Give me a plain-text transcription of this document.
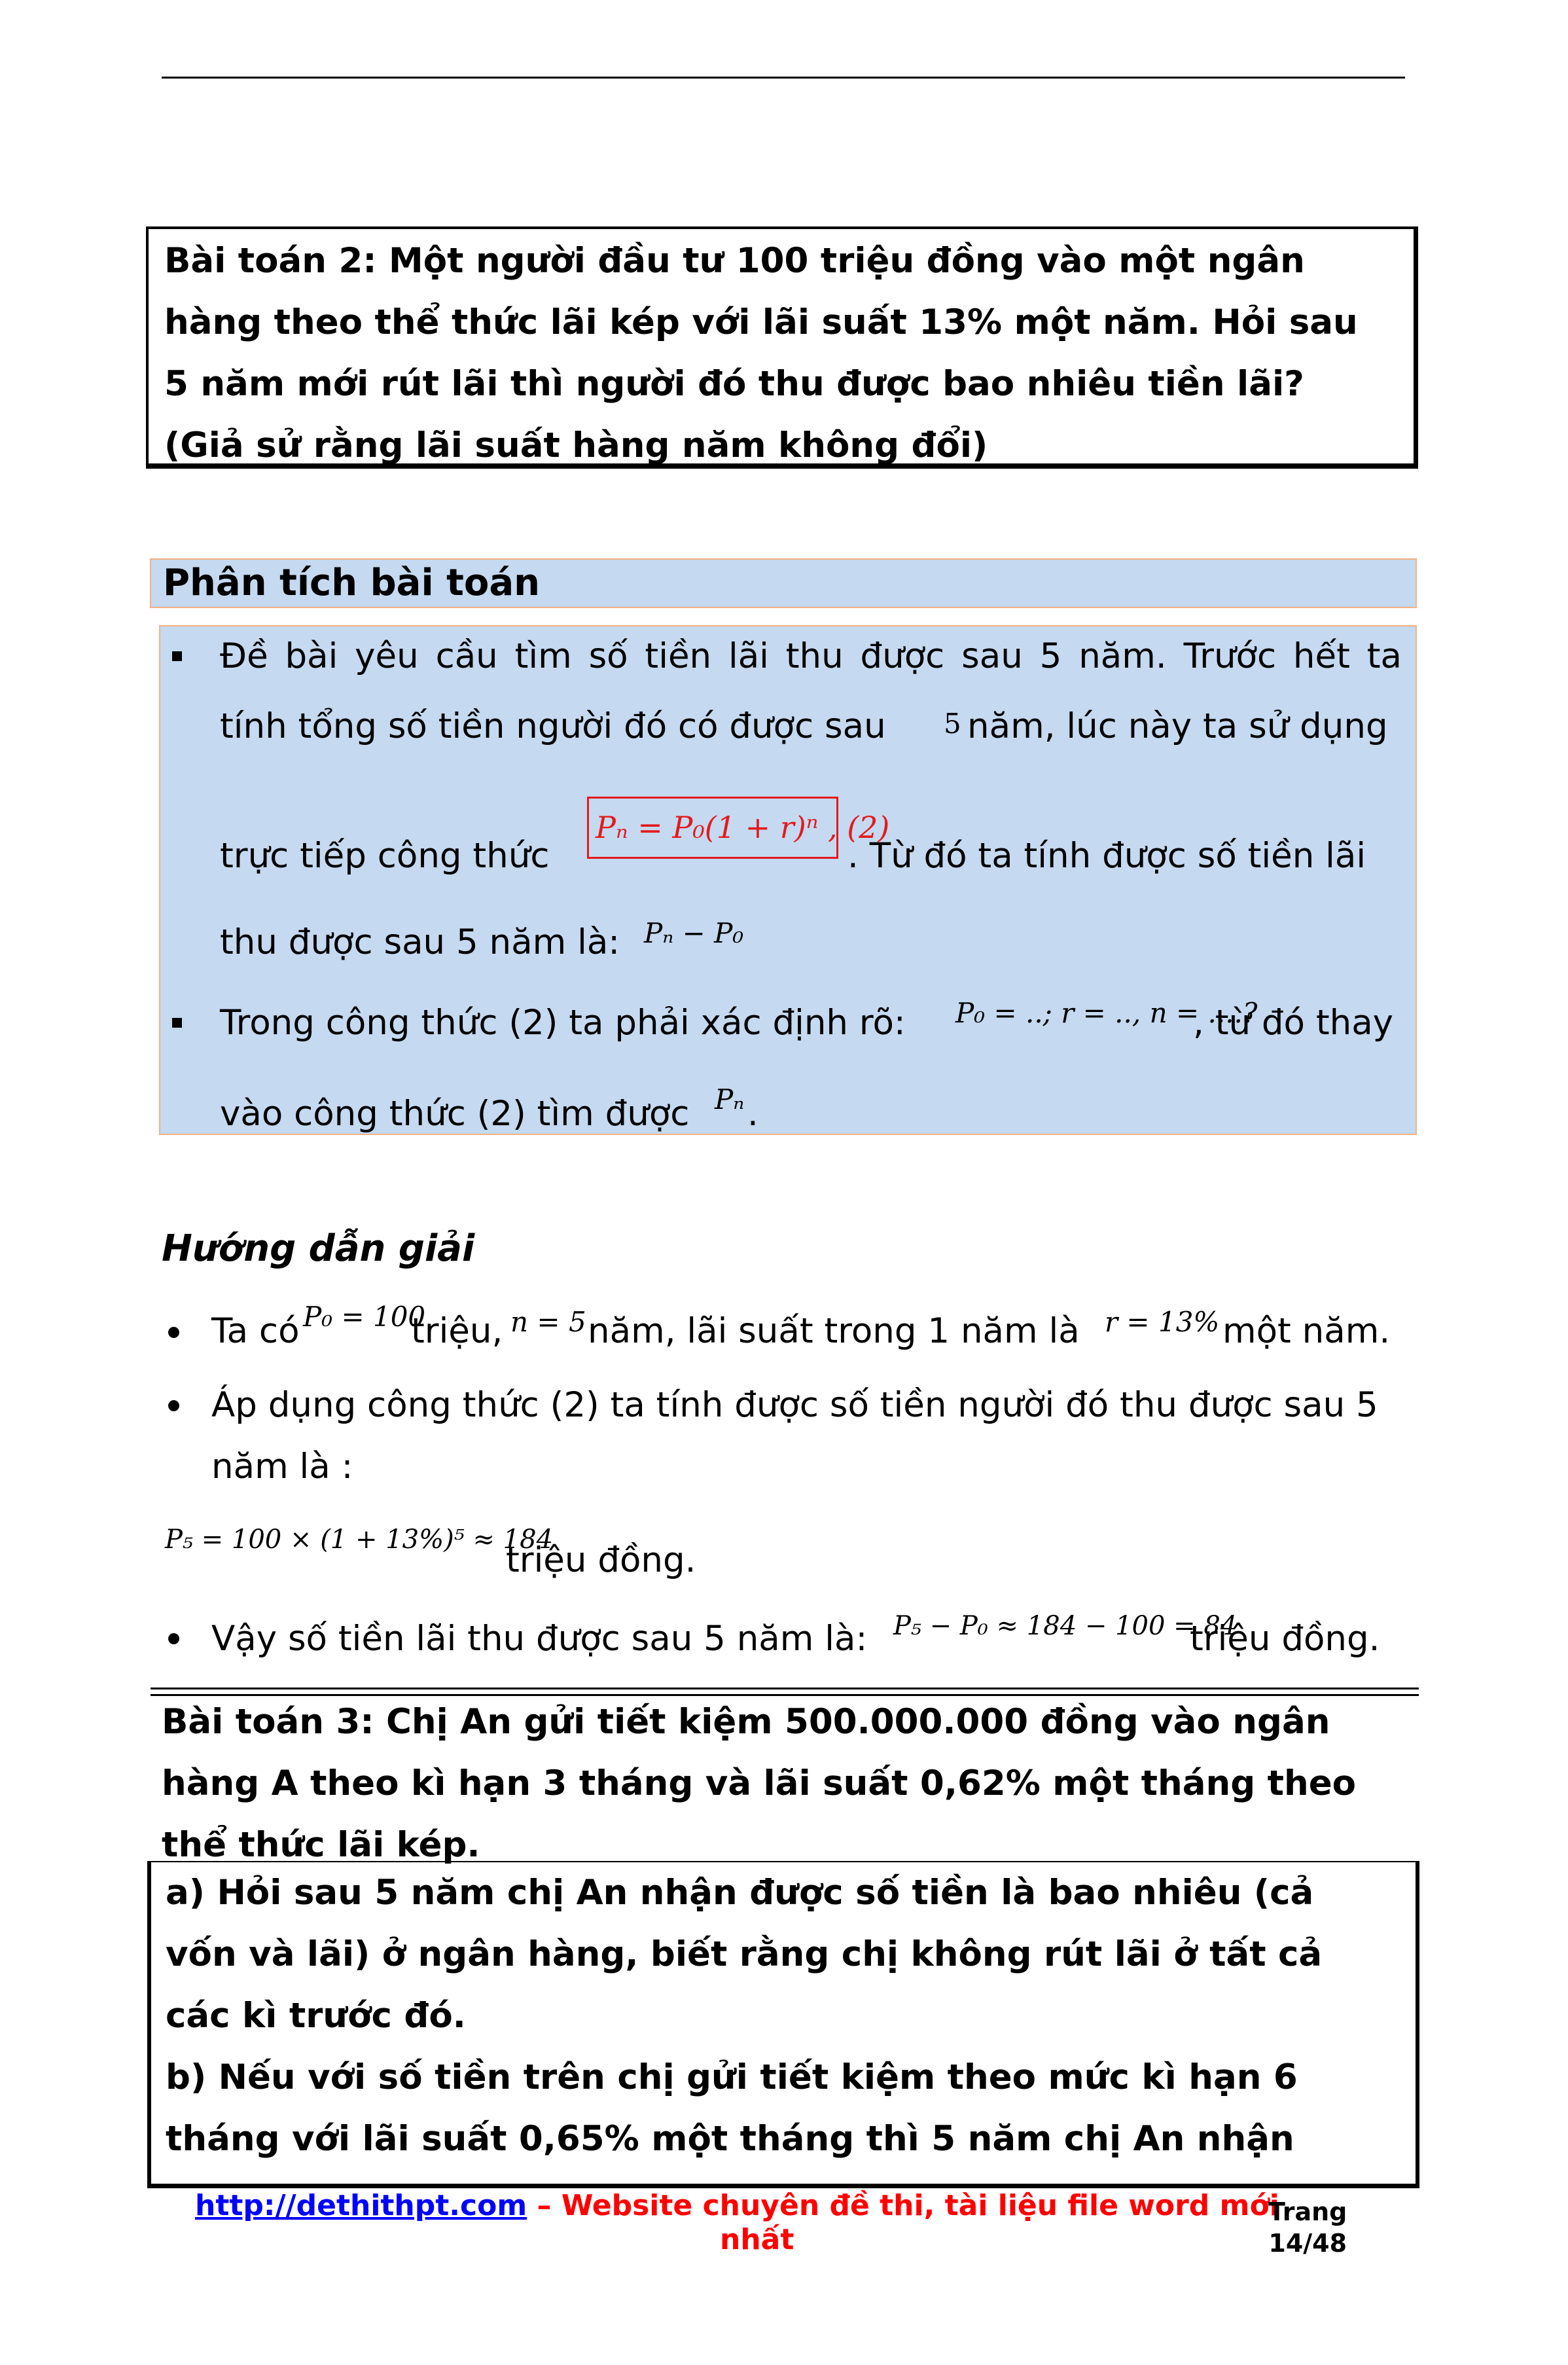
Bài toán 2: Một người đầu tư 100 triệu đồng vào một ngân
hàng theo thể thức lãi kép với lãi suất 13% một năm. Hỏi sau
5 năm mới rút lãi thì người đó thu được bao nhiêu tiền lãi?
(Giả sử rằng lãi suất hàng năm không đổi)
Phân tích bài toán
Đề bài yêu cầu tìm số tiền lãi thu được sau 5 năm. Trước hết ta
tính tổng số tiền người đó có được sau 5 năm, lúc này ta sử dụng
trực tiếp công thức
Pₙ = P₀(1 + r)ⁿ , (2)
. Từ đó ta tính được số tiền lãi
thu được sau 5 năm là: Pₙ − P₀
Trong công thức (2) ta phải xác định rõ: P₀ = ..; r = .., n = ....?
, từ đó thay
vào công thức (2) tìm được Pₙ .
Hướng dẫn giải
Ta có P₀ = 100
triệu, n = 5 năm, lãi suất trong 1 năm là r = 13% một năm.
Áp dụng công thức (2) ta tính được số tiền người đó thu được sau 5
năm là :
P₅ = 100 × (1 + 13%)⁵ ≈ 184
triệu đồng.
Vậy số tiền lãi thu được sau 5 năm là: P₅ − P₀ ≈ 184 − 100 = 84
triệu đồng.
Bài toán 3: Chị An gửi tiết kiệm 500.000.000 đồng vào ngân
hàng A theo kì hạn 3 tháng và lãi suất 0,62% một tháng theo
thể thức lãi kép.
a) Hỏi sau 5 năm chị An nhận được số tiền là bao nhiêu (cả
vốn và lãi) ở ngân hàng, biết rằng chị không rút lãi ở tất cả
các kì trước đó.
b) Nếu với số tiền trên chị gửi tiết kiệm theo mức kì hạn 6
tháng với lãi suất 0,65% một tháng thì 5 năm chị An nhận
http://dethithpt.com – Website chuyên đề thi, tài liệu file word mới
nhất
Trang
14/48
